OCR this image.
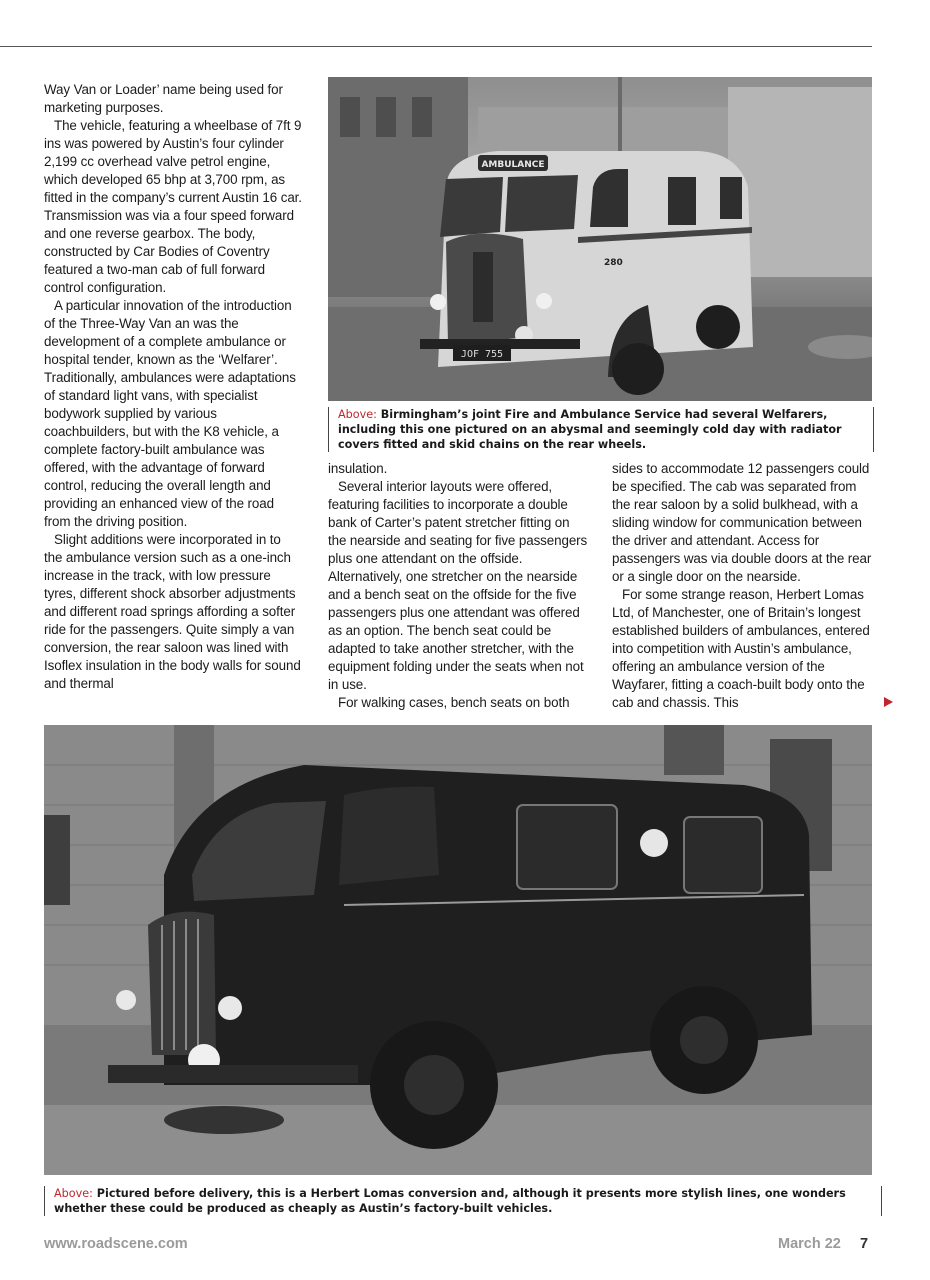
Way Van or Loader’ name being used for marketing purposes.

The vehicle, featuring a wheelbase of 7ft 9 ins was powered by Austin’s four cylinder 2,199 cc overhead valve petrol engine, which developed 65 bhp at 3,700 rpm, as fitted in the company’s current Austin 16 car. Transmission was via a four speed forward and one reverse gearbox. The body, constructed by Car Bodies of Coventry featured a two-man cab of full forward control configuration.

A particular innovation of the introduction of the Three-Way Van an was the development of a complete ambulance or hospital tender, known as the ‘Welfarer’. Traditionally, ambulances were adaptations of standard light vans, with specialist bodywork supplied by various coachbuilders, but with the K8 vehicle, a complete factory-built ambulance was offered, with the advantage of forward control, reducing the overall length and providing an enhanced view of the road from the driving position.

Slight additions were incorporated in to the ambulance version such as a one-inch increase in the track, with low pressure tyres, different shock absorber adjustments and different road springs affording a softer ride for the passengers. Quite simply a van conversion, the rear saloon was lined with Isoflex insulation in the body walls for sound and thermal

AMBULANCE
280
JOF 755
Above: Birmingham’s joint Fire and Ambulance Service had several Welfarers, including this one pictured on an abysmal and seemingly cold day with radiator covers fitted and skid chains on the rear wheels.

insulation.

Several interior layouts were offered, featuring facilities to incorporate a double bank of Carter’s patent stretcher fitting on the nearside and seating for five passengers plus one attendant on the offside. Alternatively, one stretcher on the nearside and a bench seat on the offside for the five passengers plus one attendant was offered as an option. The bench seat could be adapted to take another stretcher, with the equipment folding under the seats when not in use.

For walking cases, bench seats on both

sides to accommodate 12 passengers could be specified. The cab was separated from the rear saloon by a solid bulkhead, with a sliding window for communication between the driver and attendant. Access for passengers was via double doors at the rear or a single door on the nearside.

For some strange reason, Herbert Lomas Ltd, of Manchester, one of Britain’s longest established builders of ambulances, entered into competition with Austin’s ambulance, offering an ambulance version of the Wayfarer, fitting a coach-built body onto the cab and chassis. This

Above: Pictured before delivery, this is a Herbert Lomas conversion and, although it presents more stylish lines, one wonders whether these could be produced as cheaply as Austin’s factory-built vehicles.
www.roadscene.com	March 22 7
